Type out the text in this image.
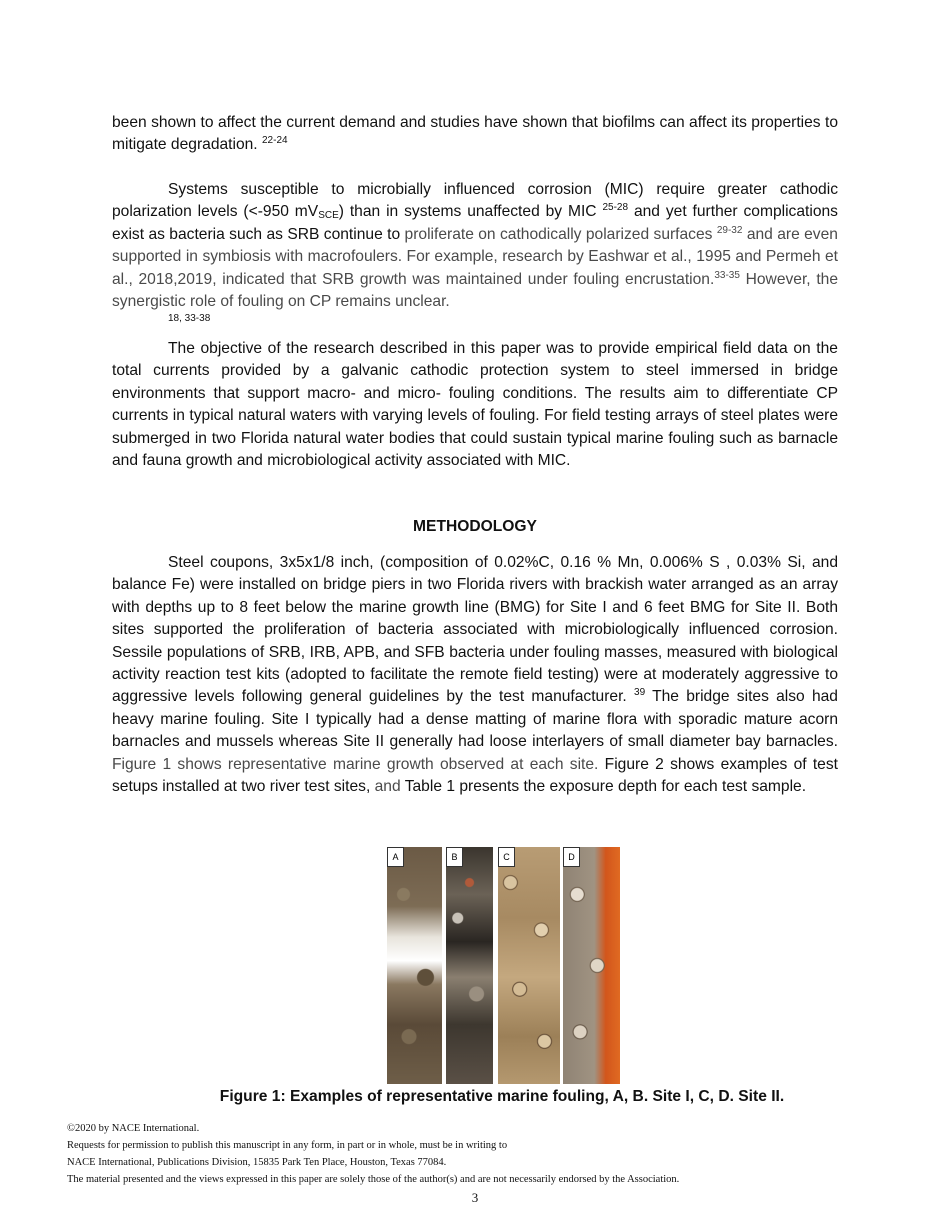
been shown to affect the current demand and studies have shown that biofilms can affect its properties to mitigate degradation. $^{22-24}$

Systems susceptible to microbially influenced corrosion (MIC) require greater cathodic polarization levels (<-950 $mV_{SCE}$) than in systems unaffected by MIC $^{25-28}$ and yet further complications exist as bacteria such as SRB continue to proliferate on cathodically polarized surfaces $^{29-32}$ and are even supported in symbiosis with macrofoulers. For example, research by Eashwar et al., 1995 and Permeh et al., 2018,2019, indicated that SRB growth was maintained under fouling encrustation.$^{33-35}$ However, the synergistic role of fouling on CP remains unclear.
18, 33-38

The objective of the research described in this paper was to provide empirical field data on the total currents provided by a galvanic cathodic protection system to steel immersed in bridge environments that support macro- and micro- fouling conditions. The results aim to differentiate CP currents in typical natural waters with varying levels of fouling. For field testing arrays of steel plates were submerged in two Florida natural water bodies that could sustain typical marine fouling such as barnacle and fauna growth and microbiological activity associated with MIC.

METHODOLOGY

Steel coupons, 3x5x1/8 inch, (composition of 0.02%C, 0.16 % Mn, 0.006% S , 0.03% Si, and balance Fe) were installed on bridge piers in two Florida rivers with brackish water arranged as an array with depths up to 8 feet below the marine growth line (BMG) for Site I and 6 feet BMG for Site II. Both sites supported the proliferation of bacteria associated with microbiologically influenced corrosion. Sessile populations of SRB, IRB, APB, and SFB bacteria under fouling masses, measured with biological activity reaction test kits (adopted to facilitate the remote field testing) were at moderately aggressive to aggressive levels following general guidelines by the test manufacturer. $^{39}$ The bridge sites also had heavy marine fouling. Site I typically had a dense matting of marine flora with sporadic mature acorn barnacles and mussels whereas Site II generally had loose interlayers of small diameter bay barnacles. Figure 1 shows representative marine growth observed at each site. Figure 2 shows examples of test setups installed at two river test sites, and Table 1 presents the exposure depth for each test sample.

A	B	C	D

Figure 1: Examples of representative marine fouling, A, B. Site I, C, D. Site II.

©2020 by NACE International.
Requests for permission to publish this manuscript in any form, in part or in whole, must be in writing to
NACE International, Publications Division, 15835 Park Ten Place, Houston, Texas 77084.
The material presented and the views expressed in this paper are solely those of the author(s) and are not necessarily endorsed by the Association.
3
